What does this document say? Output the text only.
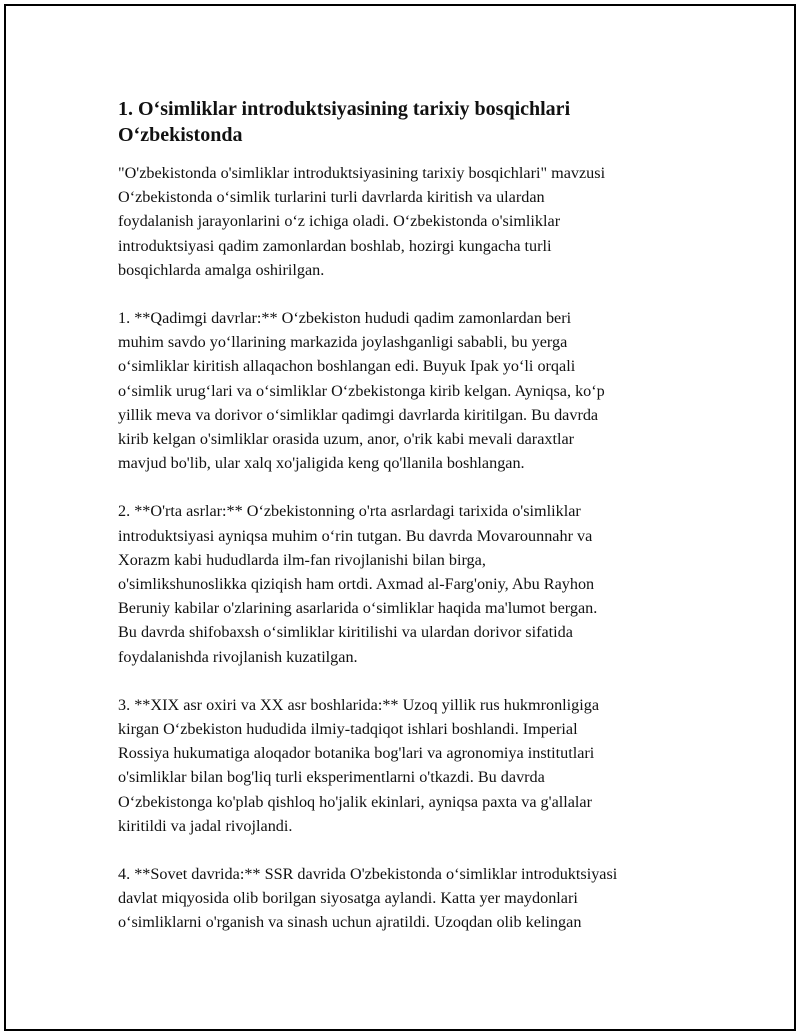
1. O‘simliklar introduktsiyasining tarixiy bosqichlari
O‘zbekistonda

"O'zbekistonda o'simliklar introduktsiyasining tarixiy bosqichlari" mavzusi
O‘zbekistonda o‘simlik turlarini turli davrlarda kiritish va ulardan
foydalanish jarayonlarini o‘z ichiga oladi. O‘zbekistonda o'simliklar
introduktsiyasi qadim zamonlardan boshlab, hozirgi kungacha turli
bosqichlarda amalga oshirilgan.

1. **Qadimgi davrlar:** O‘zbekiston hududi qadim zamonlardan beri
muhim savdo yo‘llarining markazida joylashganligi sababli, bu yerga
o‘simliklar kiritish allaqachon boshlangan edi. Buyuk Ipak yo‘li orqali
o‘simlik urug‘lari va o‘simliklar O‘zbekistonga kirib kelgan. Ayniqsa, ko‘p
yillik meva va dorivor o‘simliklar qadimgi davrlarda kiritilgan. Bu davrda
kirib kelgan o'simliklar orasida uzum, anor, o'rik kabi mevali daraxtlar
mavjud bo'lib, ular xalq xo'jaligida keng qo'llanila boshlangan.

2. **O'rta asrlar:** O‘zbekistonning o'rta asrlardagi tarixida o'simliklar
introduktsiyasi ayniqsa muhim o‘rin tutgan. Bu davrda Movarounnahr va
Xorazm kabi hududlarda ilm-fan rivojlanishi bilan birga,
o'simlikshunoslikka qiziqish ham ortdi. Axmad al-Farg'oniy, Abu Rayhon
Beruniy kabilar o'zlarining asarlarida o‘simliklar haqida ma'lumot bergan.
Bu davrda shifobaxsh o‘simliklar kiritilishi va ulardan dorivor sifatida
foydalanishda rivojlanish kuzatilgan.

3. **XIX asr oxiri va XX asr boshlarida:** Uzoq yillik rus hukmronligiga
kirgan O‘zbekiston hududida ilmiy-tadqiqot ishlari boshlandi. Imperial
Rossiya hukumatiga aloqador botanika bog'lari va agronomiya institutlari
o'simliklar bilan bog'liq turli eksperimentlarni o'tkazdi. Bu davrda
O‘zbekistonga ko'plab qishloq ho'jalik ekinlari, ayniqsa paxta va g'allalar
kiritildi va jadal rivojlandi.

4. **Sovet davrida:** SSR davrida O'zbekistonda o‘simliklar introduktsiyasi
davlat miqyosida olib borilgan siyosatga aylandi. Katta yer maydonlari
o‘simliklarni o'rganish va sinash uchun ajratildi. Uzoqdan olib kelingan
